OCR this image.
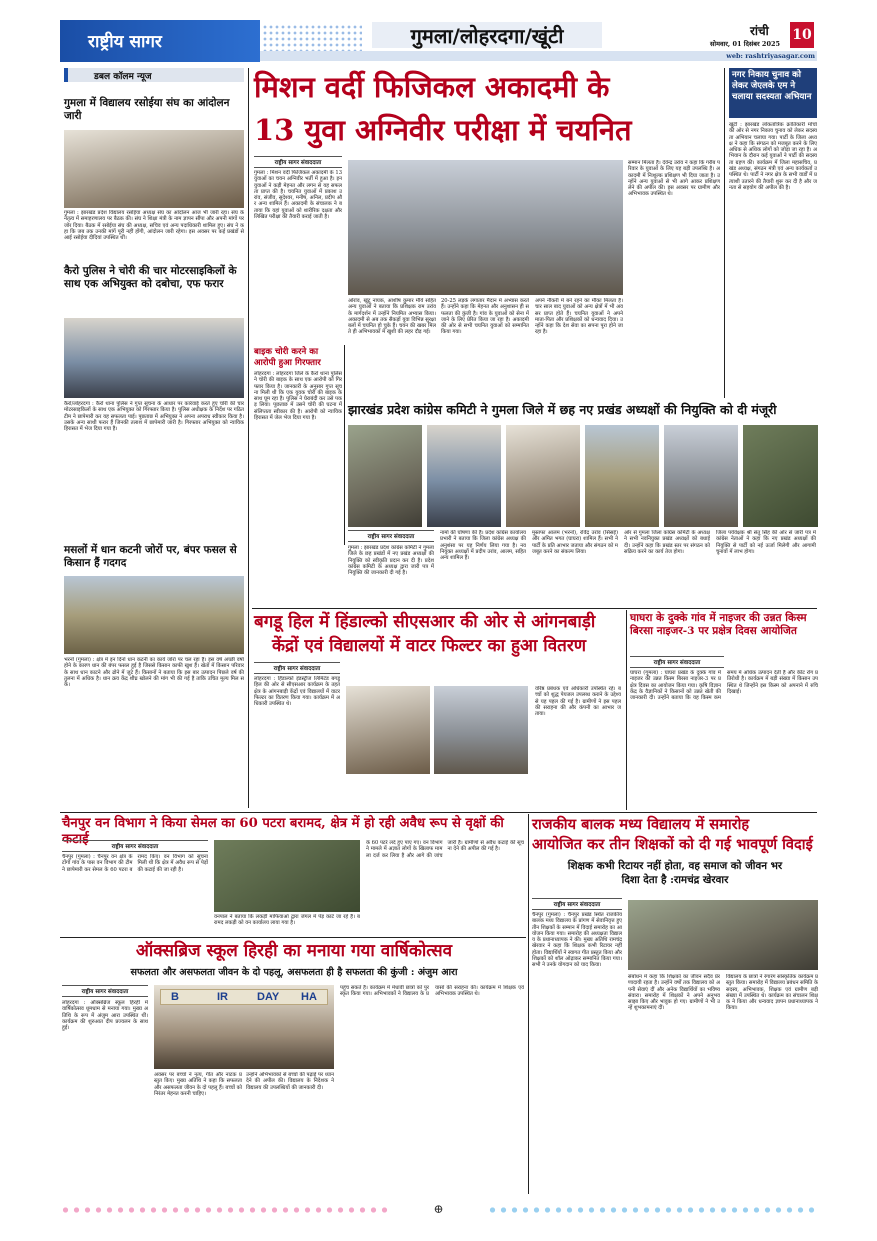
राष्ट्रीय सागर	गुमला/लोहरदगा/खूंटी	रांची
सोमवार, 01 दिसंबर 2025
10
web: rashtriyasagar.com
डबल कॉलम न्यूज
गुमला में विद्यालय रसोईया संघ का आंदोलन जारी
गुमला : झारखंड प्रदेश विद्यालय रसोईया अध्यक्ष संघ का आंदोलन आज भी जारी रहा। संघ के नेतृत्व में समाहरणालय पर बैठक की। संघ ने शिक्षा मंत्री के नाम ज्ञापन सौंपा और अपनी मांगों पर जोर दिया। बैठक में रसोईया संघ की अध्यक्ष, सचिव एवं अन्य पदाधिकारी शामिल हुए। संघ ने कहा कि जब तक उनकी मांगें पूरी नहीं होंगी, आंदोलन जारी रहेगा। इस अवसर पर कई प्रखंडों से आई रसोईया दीदियां उपस्थित थीं।
कैरो पुलिस ने चोरी की चार मोटरसाइकिलों के साथ एक अभियुक्त को दबोचा, एफ फरार
कैरो/लोहरदगा : कैरो थाना पुलिस ने गुप्त सूचना के आधार पर कार्रवाई करते हुए चोरी की चार मोटरसाइकिलों के साथ एक अभियुक्त को गिरफ्तार किया है। पुलिस अधीक्षक के निर्देश पर गठित टीम ने छापेमारी कर यह सफलता पाई। पूछताछ में अभियुक्त ने अपना अपराध स्वीकार किया है। उसके अन्य साथी फरार हैं जिनकी तलाश में छापेमारी जारी है। गिरफ्तार अभियुक्त को न्यायिक हिरासत में भेज दिया गया है।
मसलों में धान कटनी जोरों पर, बंपर फसल से किसान हैं गदगद
भरनो (गुमला) : क्षेत्र में इन दिनों धान कटनी का कार्य जोरों पर चल रहा है। इस वर्ष अच्छी वर्षा होने के कारण धान की बंपर फसल हुई है जिससे किसान काफी खुश हैं। खेतों में किसान परिवार के साथ धान काटने और ढोने में जुटे हैं। किसानों ने बताया कि इस बार उत्पादन पिछले वर्ष की तुलना में अधिक है। धान क्रय केंद्र शीघ्र खोलने की मांग भी की गई है ताकि उचित मूल्य मिल सके।
मिशन वर्दी फिजिकल अकादमी के
13 युवा अग्निवीर परीक्षा में चयनित
राष्ट्रीय सागर संवाददाता
गुमला : मिशन वर्दी फिजिकल अकादमी के 13 युवाओं का चयन अग्निवीर भर्ती में हुआ है। इन युवाओं ने कड़ी मेहनत और लगन से यह सफलता प्राप्त की है। चयनित युवाओं में प्रकाश उरांव, संजीव, सुदेश्वर, मनीष, अनिल, प्रदीप और अन्य शामिल हैं। अकादमी के संचालक ने बताया कि यहां युवाओं को शारीरिक दक्षता और लिखित परीक्षा की तैयारी कराई जाती है।
ओरांव, खुंटू नायक, आशीष कुमार मौर्य सहित अन्य युवाओं ने बताया कि प्रशिक्षक राम उरांव के मार्गदर्शन में उन्होंने नियमित अभ्यास किया। अकादमी से अब तक सैकड़ों युवा विभिन्न सुरक्षा बलों में चयनित हो चुके हैं। चयन की खबर मिलते ही अभिभावकों में खुशी की लहर दौड़ गई।
20-25 लड़के लगातार मैदान में अभ्यास करते हैं। उन्होंने कहा कि मेहनत और अनुशासन ही सफलता की कुंजी है। गांव के युवाओं को सेना में जाने के लिए प्रेरित किया जा रहा है। अकादमी की ओर से सभी चयनित युवाओं को सम्मानित किया गया।
अपने नौकरी में बने रहने का मौका मिलता है। चार साल बाद युवाओं को अन्य क्षेत्रों में भी अवसर प्राप्त होते हैं। चयनित युवाओं ने अपने माता-पिता और प्रशिक्षकों को धन्यवाद दिया। उन्होंने कहा कि देश सेवा का सपना पूरा होने जा रहा है।
सम्मान मिलता है। देवेन्द्र उरांव ने कहा कि गरीब परिवार के युवाओं के लिए यह बड़ी उपलब्धि है। अकादमी में निःशुल्क प्रशिक्षण भी दिया जाता है। उन्होंने अन्य युवाओं से भी आगे आकर प्रशिक्षण लेने की अपील की। इस अवसर पर ग्रामीण और अभिभावक उपस्थित थे।
नगर निकाय चुनाव को लेकर जेएलके एम ने चलाया सदस्यता अभियान
खूंटी : झारखंड लोकतांत्रिक क्रांतिकारी मोर्चा की ओर से नगर निकाय चुनाव को लेकर सदस्यता अभियान चलाया गया। पार्टी के जिला अध्यक्ष ने कहा कि संगठन को मजबूत करने के लिए अधिक से अधिक लोगों को जोड़ा जा रहा है। अभियान के दौरान कई युवाओं ने पार्टी की सदस्यता ग्रहण की। कार्यक्रम में जिला महासचिव, प्रखंड अध्यक्ष, संगठन मंत्री एवं अन्य कार्यकर्ता उपस्थित थे। पार्टी ने नगर क्षेत्र के सभी वार्डों में प्रत्याशी उतारने की तैयारी शुरू कर दी है और जनता से सहयोग की अपील की है।
बाइक चोरी करने का आरोपी हुआ गिरफ्तार
लोहरदगा : लोहरदगा जिले के कैरो थाना पुलिस ने चोरी की बाइक के साथ एक आरोपी को गिरफ्तार किया है। जानकारी के अनुसार गुप्त सूचना मिली थी कि एक युवक चोरी की बाइक के साथ घूम रहा है। पुलिस ने घेराबंदी कर उसे पकड़ लिया। पूछताछ में उसने चोरी की घटना में संलिप्तता स्वीकार की है। आरोपी को न्यायिक हिरासत में जेल भेज दिया गया है।
झारखंड प्रदेश कांग्रेस कमिटी ने गुमला जिले में छह नए प्रखंड अध्यक्षों की नियुक्ति को दी मंजूरी
राष्ट्रीय सागर संवाददाता
गुमला : झारखंड प्रदेश कांग्रेस कमिटी ने गुमला जिले के छह प्रखंडों में नए प्रखंड अध्यक्षों की नियुक्ति को स्वीकृति प्रदान कर दी है। प्रदेश कांग्रेस कमिटी के अध्यक्ष द्वारा जारी पत्र में नियुक्ति की जानकारी दी गई है।
नामों की घोषणा की है। प्रदेश कांग्रेस कार्यालय प्रभारी ने बताया कि जिला कांग्रेस अध्यक्ष की अनुशंसा पर यह निर्णय लिया गया है। नवनियुक्त अध्यक्षों में प्रदीप उरांव, आलम, सहित अन्य शामिल हैं।
मुस्तफा आलम (भरनो), रविंद्र उरांव (सिसई) और अमित भगत (घाघरा) शामिल हैं। सभी ने पार्टी के प्रति आभार जताया और संगठन को मजबूत करने का संकल्प लिया।
ओर से गुमला जिला कांग्रेस कमिटी के अध्यक्ष ने सभी नवनियुक्त प्रखंड अध्यक्षों को बधाई दी। उन्होंने कहा कि प्रखंड स्तर पर संगठन को सक्रिय करने का कार्य तेज होगा।
जिला पर्यवेक्षक श्री संतु सिंह की ओर से जारी पत्र में कांग्रेस नेताओं ने कहा कि नए प्रखंड अध्यक्षों की नियुक्ति से पार्टी को नई ऊर्जा मिलेगी और आगामी चुनावों में लाभ होगा।
बगडू हिल में हिंडाल्को सीएसआर की ओर से आंगनबाड़ी
केंद्रों एवं विद्यालयों में वाटर फिल्टर का हुआ वितरण
राष्ट्रीय सागर संवाददाता
लोहरदगा : हिंडाल्को इंडस्ट्रीज लिमिटेड बगडू हिल की ओर से सीएसआर कार्यक्रम के तहत क्षेत्र के आंगनबाड़ी केंद्रों एवं विद्यालयों में वाटर फिल्टर का वितरण किया गया। कार्यक्रम में अधिकारी उपस्थित थे।
वरिष्ठ प्रबंधक एवं अधिकारी उपस्थित रहे। बच्चों को शुद्ध पेयजल उपलब्ध कराने के उद्देश्य से यह पहल की गई है। ग्रामीणों ने इस पहल की सराहना की और कंपनी का आभार जताया।
घाघरा के दुक्के गांव में नाइजर की उन्नत किस्म बिरसा नाइजर-3 पर प्रक्षेत्र दिवस आयोजित
राष्ट्रीय सागर संवाददाता
घाघरा (गुमला) : घाघरा प्रखंड के दुक्के गांव में नाइजर की उन्नत किस्म बिरसा नाइजर-3 पर प्रक्षेत्र दिवस का आयोजन किया गया। कृषि विज्ञान केंद्र के वैज्ञानिकों ने किसानों को उन्नत खेती की जानकारी दी। उन्होंने बताया कि यह किस्म कम समय में अधिक उत्पादन देती है और कीट रोग प्रतिरोधी है। कार्यक्रम में बड़ी संख्या में किसान उपस्थित थे जिन्होंने इस किस्म को अपनाने में रुचि दिखाई।
चैनपुर वन विभाग ने किया सेमल का 60 पटरा बरामद, क्षेत्र में हो रही अवैध रूप से वृक्षों की कटाई	राष्ट्रीय सागर संवाददाता
चैनपुर (गुमला) : चैनपुर वन क्षेत्र के टोंगो गांव के पास वन विभाग की टीम ने छापेमारी कर सेमल के 60 पटरा बरामद किए। वन विभाग को सूचना मिली थी कि क्षेत्र में अवैध रूप से पेड़ों की कटाई की जा रही है।
वनपाल ने बताया कि लकड़ी माफियाओं द्वारा जंगल में पेड़ काटे जा रहे हैं। बरामद लकड़ी को वन कार्यालय लाया गया है।
के 60 पटरे लदे हुए पाए गए। वन विभाग ने मामले में अज्ञात लोगों के खिलाफ मामला दर्ज कर लिया है और आगे की जांच जारी है। ग्रामीणों से अवैध कटाई की सूचना देने की अपील की गई है।
राजकीय बालक मध्य विद्यालय में समारोह
आयोजित कर तीन शिक्षकों को दी गई भावपूर्ण विदाई
शिक्षक कभी रिटायर नहीं होता, वह समाज को जीवन भर
दिशा देता है :रामचंद्र खेरवार
राष्ट्रीय सागर संवाददाता
चैनपुर (गुमला) : चैनपुर प्रखंड स्थित राजकीय बालक मध्य विद्यालय के प्रांगण में सेवानिवृत्त हुए तीन शिक्षकों के सम्मान में विदाई समारोह का आयोजन किया गया। समारोह की अध्यक्षता विद्यालय के प्रधानाध्यापक ने की। मुख्य अतिथि रामचंद्र खेरवार ने कहा कि शिक्षक कभी रिटायर नहीं होता। विद्यार्थियों ने स्वागत गीत प्रस्तुत किया और शिक्षकों को शॉल ओढ़ाकर सम्मानित किया गया। सभी ने उनके योगदान को याद किया।
संबोधन में कहा कि शिक्षकों का जीवन सदैव प्रेरणादायी रहता है। उन्होंने वर्षों तक विद्यालय को अपनी सेवाएं दीं और अनेक विद्यार्थियों का भविष्य संवारा। समारोह में शिक्षकों ने अपने अनुभव साझा किए और भावुक हो गए। ग्रामीणों ने भी उन्हें शुभकामनाएं दीं।
विद्यालय के छात्रों ने रंगारंग सांस्कृतिक कार्यक्रम प्रस्तुत किया। समारोह में विद्यालय प्रबंधन समिति के सदस्य, अभिभावक, शिक्षक एवं ग्रामीण बड़ी संख्या में उपस्थित थे। कार्यक्रम का संचालन शिक्षक ने किया और धन्यवाद ज्ञापन प्रधानाध्यापक ने किया।
ऑक्सब्रिज स्कूल हिरही का मनाया गया वार्षिकोत्सव
सफलता और असफलता जीवन के दो पहलू, असफलता ही है सफलता की कुंजी : अंजुम आरा
राष्ट्रीय सागर संवाददाता
लोहरदगा : ऑक्सब्रिज स्कूल हिरही में वार्षिकोत्सव धूमधाम से मनाया गया। मुख्य अतिथि के रूप में अंजुम आरा उपस्थित थीं। कार्यक्रम की शुरुआत दीप प्रज्वलन के साथ हुई।
B	IR	DAY HA
अवसर पर बच्चों ने नृत्य, गीत और नाटक प्रस्तुत किए। मुख्य अतिथि ने कहा कि सफलता और असफलता जीवन के दो पहलू हैं। बच्चों को निरंतर मेहनत करनी चाहिए।
उन्होंने अभिभावकों से बच्चों की पढ़ाई पर ध्यान देने की अपील की। विद्यालय के निदेशक ने विद्यालय की उपलब्धियों की जानकारी दी।
पहुंच सकते हैं। कार्यक्रम में मेधावी छात्रों को पुरस्कृत किया गया। अभिभावकों ने विद्यालय के प्रयासों की सराहना की। कार्यक्रम में शिक्षक एवं अभिभावक उपस्थित थे।
⊕
